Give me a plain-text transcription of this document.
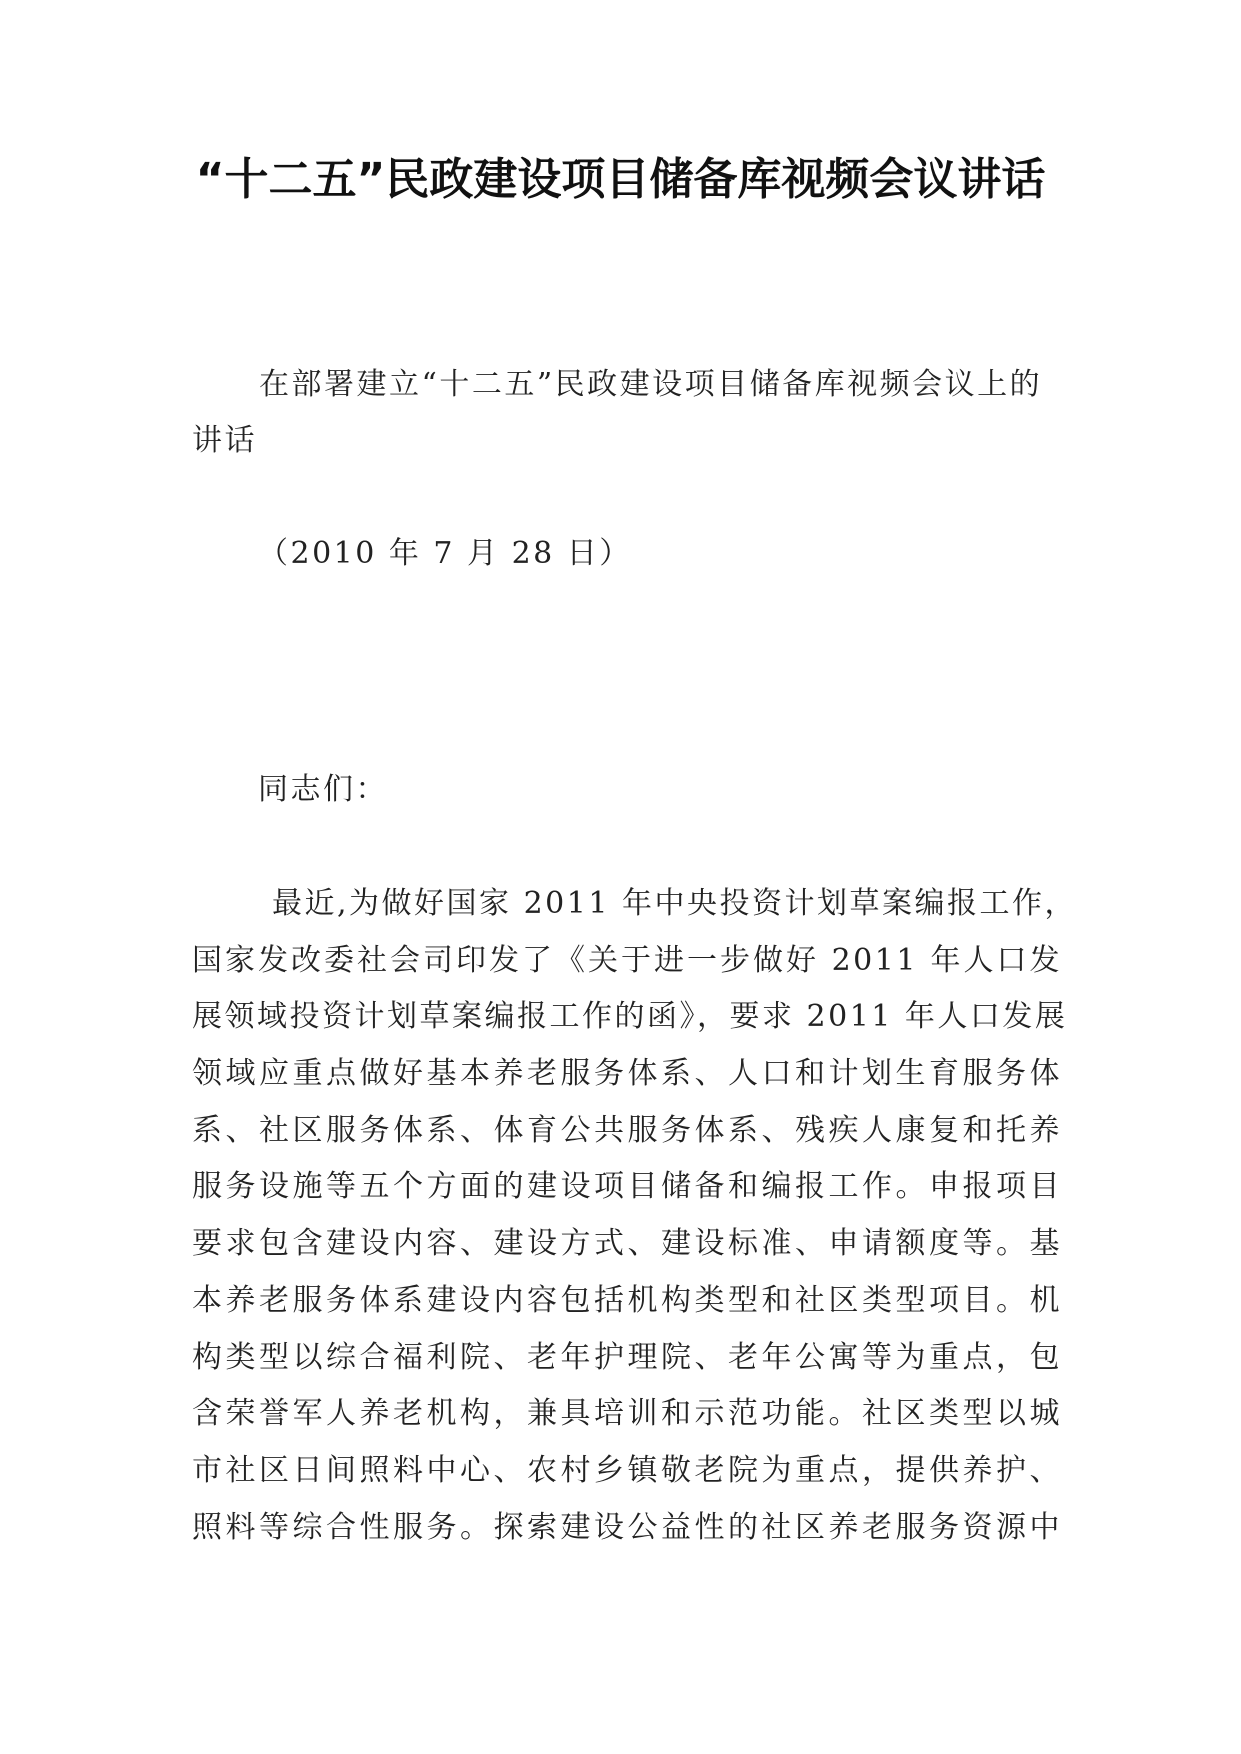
“十二五”民政建设项目储备库视频会议讲话

在部署建立“十二五”民政建设项目储备库视频会议上的讲话

（2010 年 7 月 28 日）

同志们：

最近,为做好国家 2011 年中央投资计划草案编报工作，
国家发改委社会司印发了《关于进一步做好 2011 年人口发
展领域投资计划草案编报工作的函》，要求 2011 年人口发展
领域应重点做好基本养老服务体系、人口和计划生育服务体
系、社区服务体系、体育公共服务体系、残疾人康复和托养
服务设施等五个方面的建设项目储备和编报工作。申报项目
要求包含建设内容、建设方式、建设标准、申请额度等。基
本养老服务体系建设内容包括机构类型和社区类型项目。机
构类型以综合福利院、老年护理院、老年公寓等为重点，包
含荣誉军人养老机构，兼具培训和示范功能。社区类型以城
市社区日间照料中心、农村乡镇敬老院为重点，提供养护、
照料等综合性服务。探索建设公益性的社区养老服务资源中
